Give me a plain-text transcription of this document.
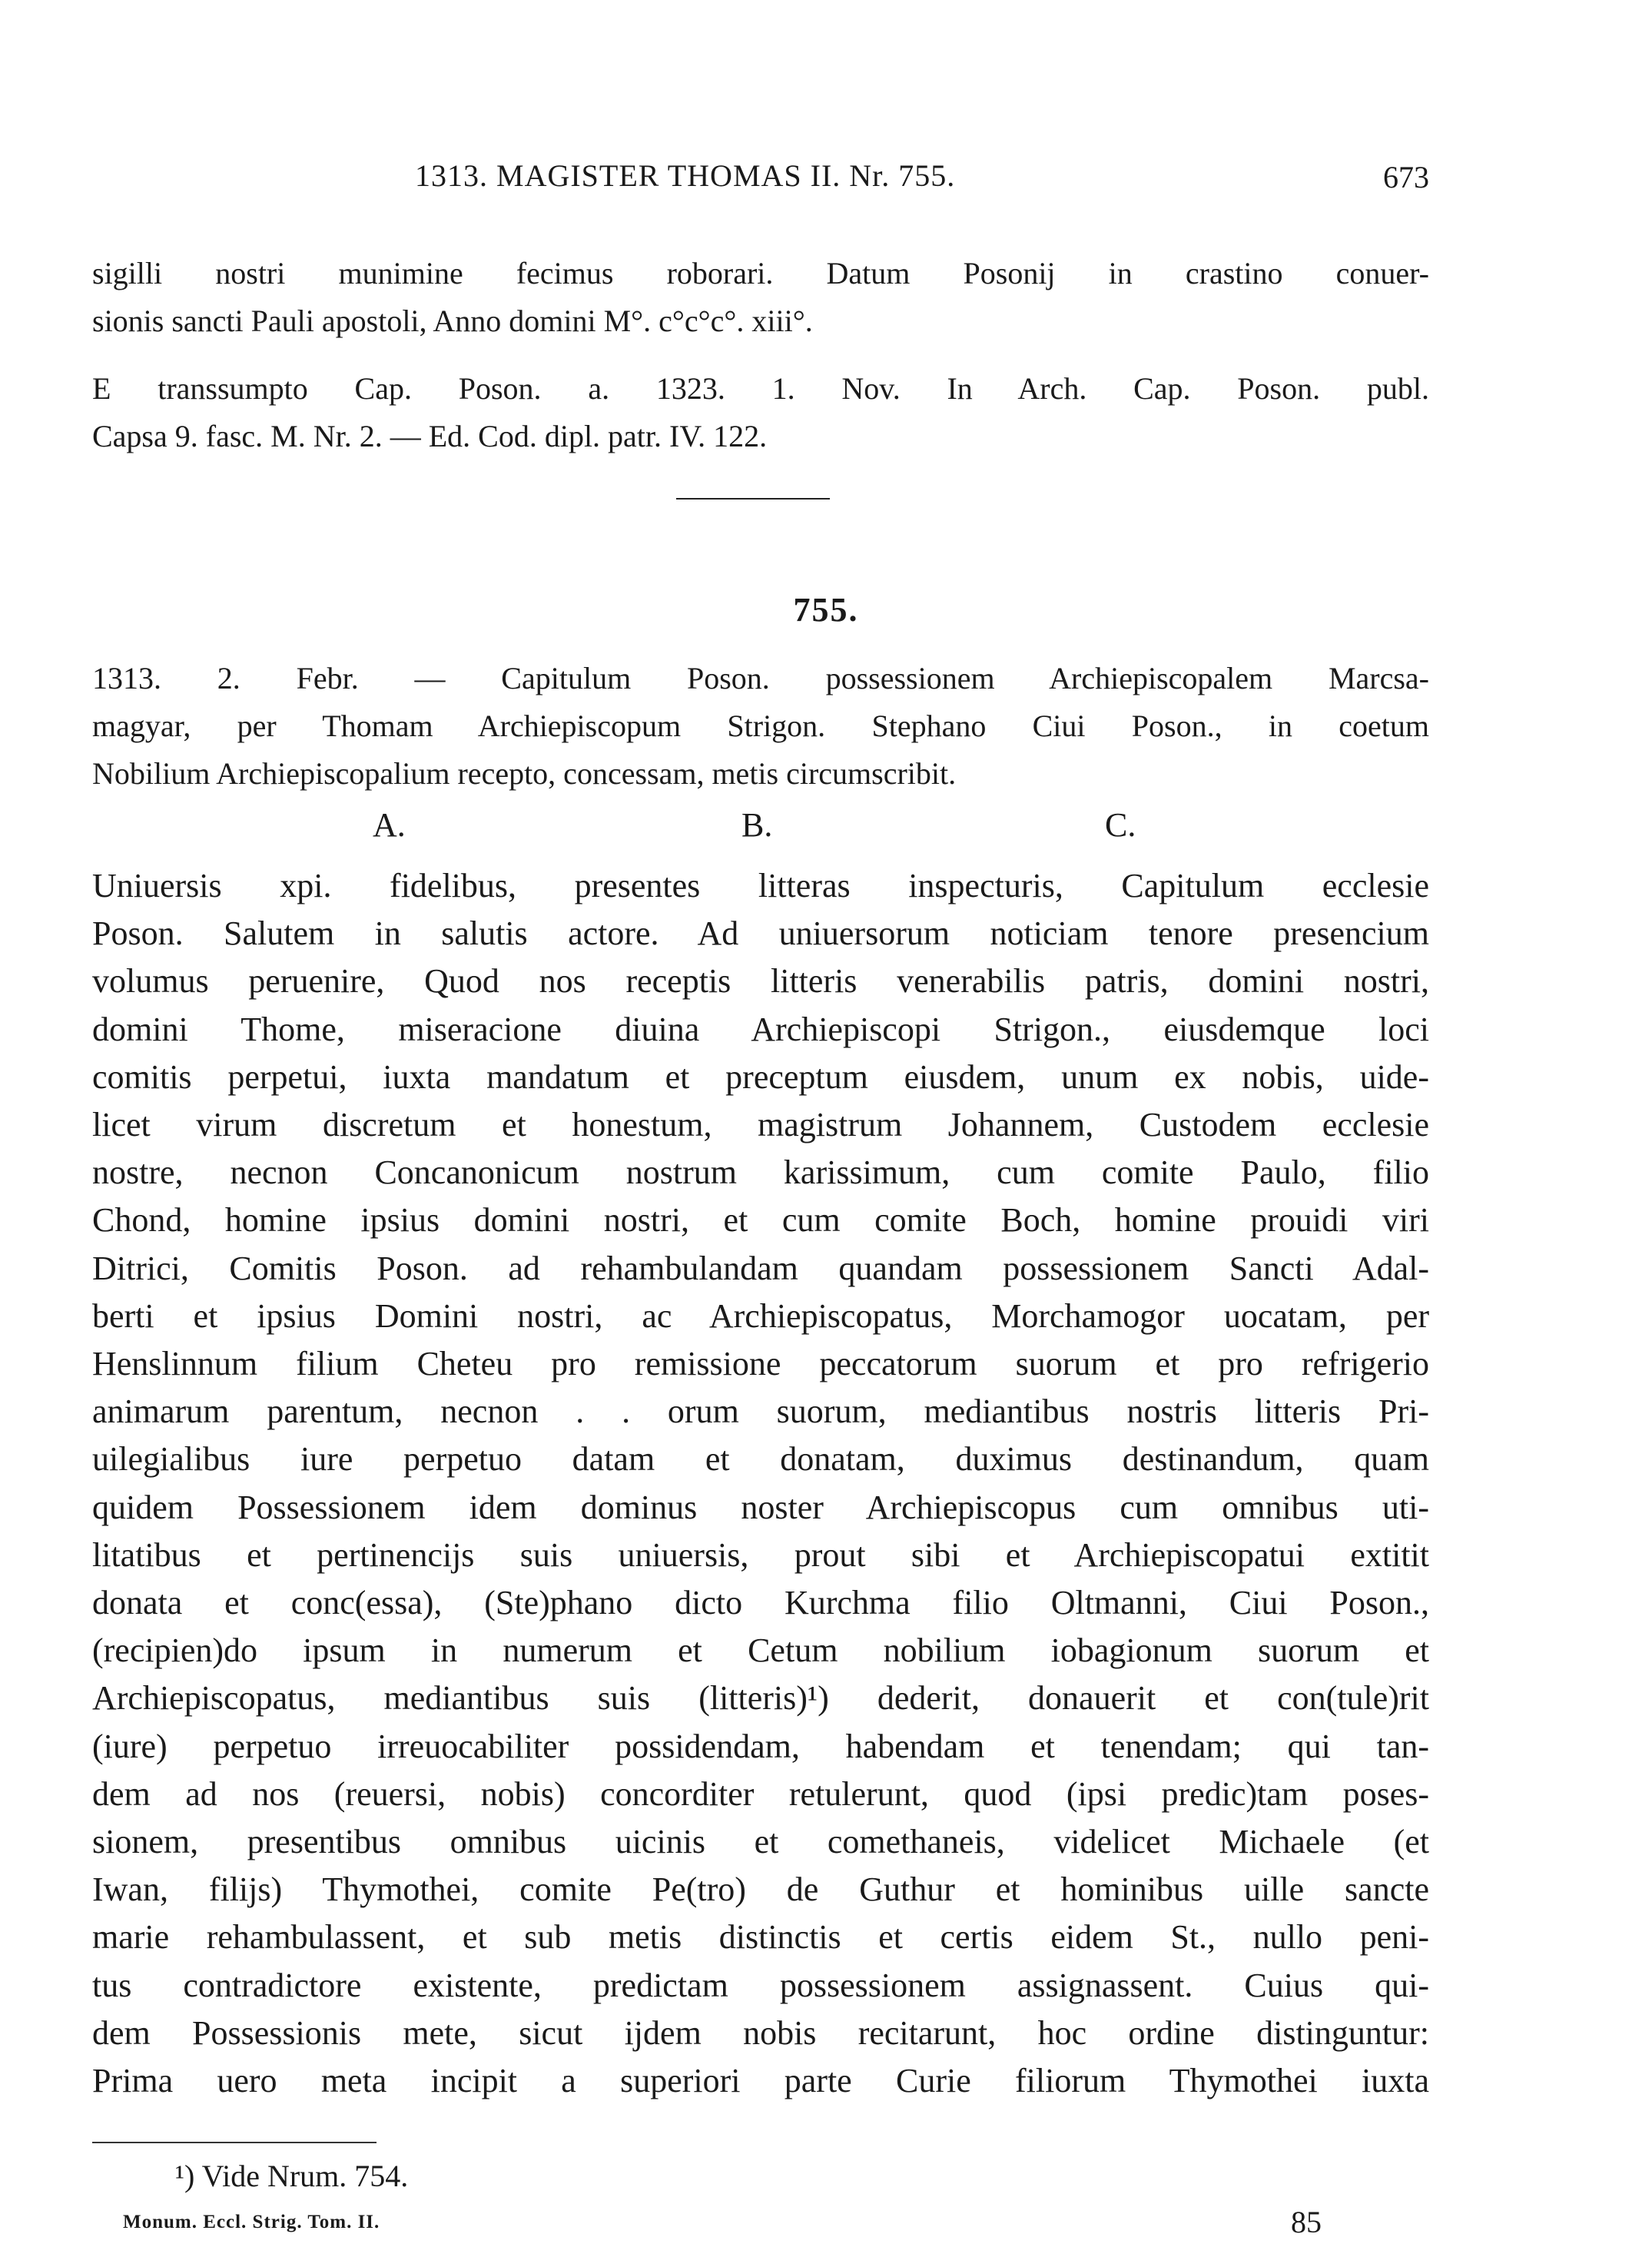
1313. MAGISTER THOMAS II. Nr. 755.	673

sigilli nostri munimine fecimus roborari. Datum Posonij in crastino conuer-

sionis sancti Pauli apostoli, Anno domini M°. c°c°c°. xiii°.

E transsumpto Cap. Poson. a. 1323. 1. Nov. In Arch. Cap. Poson. publ.

Capsa 9. fasc. M. Nr. 2. — Ed. Cod. dipl. patr. IV. 122.

755.

1313. 2. Febr. — Capitulum Poson. possessionem Archiepiscopalem Marcsa-

magyar, per Thomam Archiepiscopum Strigon. Stephano Ciui Poson., in coetum

Nobilium Archiepiscopalium recepto, concessam, metis circumscribit.

A.	B.	C.

Uniuersis xpi. fidelibus, presentes litteras inspecturis, Capitulum ecclesie

Poson. Salutem in salutis actore. Ad uniuersorum noticiam tenore presencium

volumus peruenire, Quod nos receptis litteris venerabilis patris, domini nostri,

domini Thome, miseracione diuina Archiepiscopi Strigon., eiusdemque loci

comitis perpetui, iuxta mandatum et preceptum eiusdem, unum ex nobis, uide-

licet virum discretum et honestum, magistrum Johannem, Custodem ecclesie

nostre, necnon Concanonicum nostrum karissimum, cum comite Paulo, filio

Chond, homine ipsius domini nostri, et cum comite Boch, homine prouidi viri

Ditrici, Comitis Poson. ad rehambulandam quandam possessionem Sancti Adal-

berti et ipsius Domini nostri, ac Archiepiscopatus, Morchamogor uocatam, per

Henslinnum filium Cheteu pro remissione peccatorum suorum et pro refrigerio

animarum parentum, necnon . . orum suorum, mediantibus nostris litteris Pri-

uilegialibus iure perpetuo datam et donatam, duximus destinandum, quam

quidem Possessionem idem dominus noster Archiepiscopus cum omnibus uti-

litatibus et pertinencijs suis uniuersis, prout sibi et Archiepiscopatui extitit

donata et conc(essa), (Ste)phano dicto Kurchma filio Oltmanni, Ciui Poson.,

(recipien)do ipsum in numerum et Cetum nobilium iobagionum suorum et

Archiepiscopatus, mediantibus suis (litteris)¹) dederit, donauerit et con(tule)rit

(iure) perpetuo irreuocabiliter possidendam, habendam et tenendam; qui tan-

dem ad nos (reuersi, nobis) concorditer retulerunt, quod (ipsi predic)tam poses-

sionem, presentibus omnibus uicinis et comethaneis, videlicet Michaele (et

Iwan, filijs) Thymothei, comite Pe(tro) de Guthur et hominibus uille sancte

marie rehambulassent, et sub metis distinctis et certis eidem St., nullo peni-

tus contradictore existente, predictam possessionem assignassent. Cuius qui-

dem Possessionis mete, sicut ijdem nobis recitarunt, hoc ordine distinguntur:

Prima uero meta incipit a superiori parte Curie filiorum Thymothei iuxta

¹) Vide Nrum. 754.
Monum. Eccl. Strig. Tom. II.	85
